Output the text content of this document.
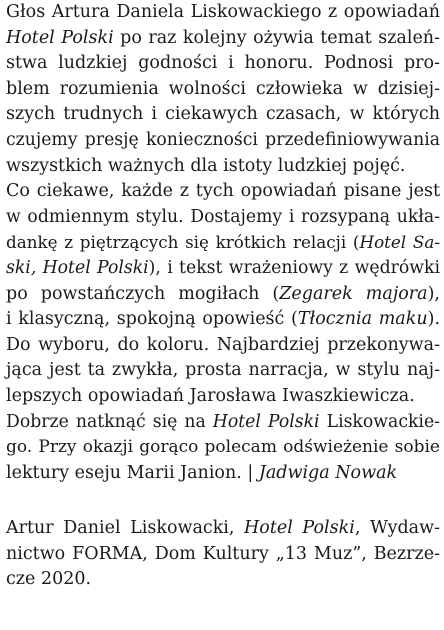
Głos Artura Daniela Liskowackiego z opowiadań
Hotel Polski po raz kolejny ożywia temat szaleń-
stwa ludzkiej godności i honoru. Podnosi pro-
blem rozumienia wolności człowieka w dzisiej-
szych trudnych i ciekawych czasach, w których
czujemy presję konieczności przedefiniowywania
wszystkich ważnych dla istoty ludzkiej pojęć.
Co ciekawe, każde z tych opowiadań pisane jest
w odmiennym stylu. Dostajemy i rozsypaną ukła-
dankę z piętrzących się krótkich relacji (Hotel Sa-
ski, Hotel Polski), i tekst wrażeniowy z wędrówki
po powstańczych mogiłach (Zegarek majora),
i klasyczną, spokojną opowieść (Tłocznia maku).
Do wyboru, do koloru. Najbardziej przekonywa-
jąca jest ta zwykła, prosta narracja, w stylu naj-
lepszych opowiadań Jarosława Iwaszkiewicza.
Dobrze natknąć się na Hotel Polski Liskowackie-
go. Przy okazji gorąco polecam odświeżenie sobie
lektury eseju Marii Janion. | Jadwiga Nowak
Artur Daniel Liskowacki, Hotel Polski, Wydaw-
nictwo FORMA, Dom Kultury „13 Muz”, Bezrze-
cze 2020.
